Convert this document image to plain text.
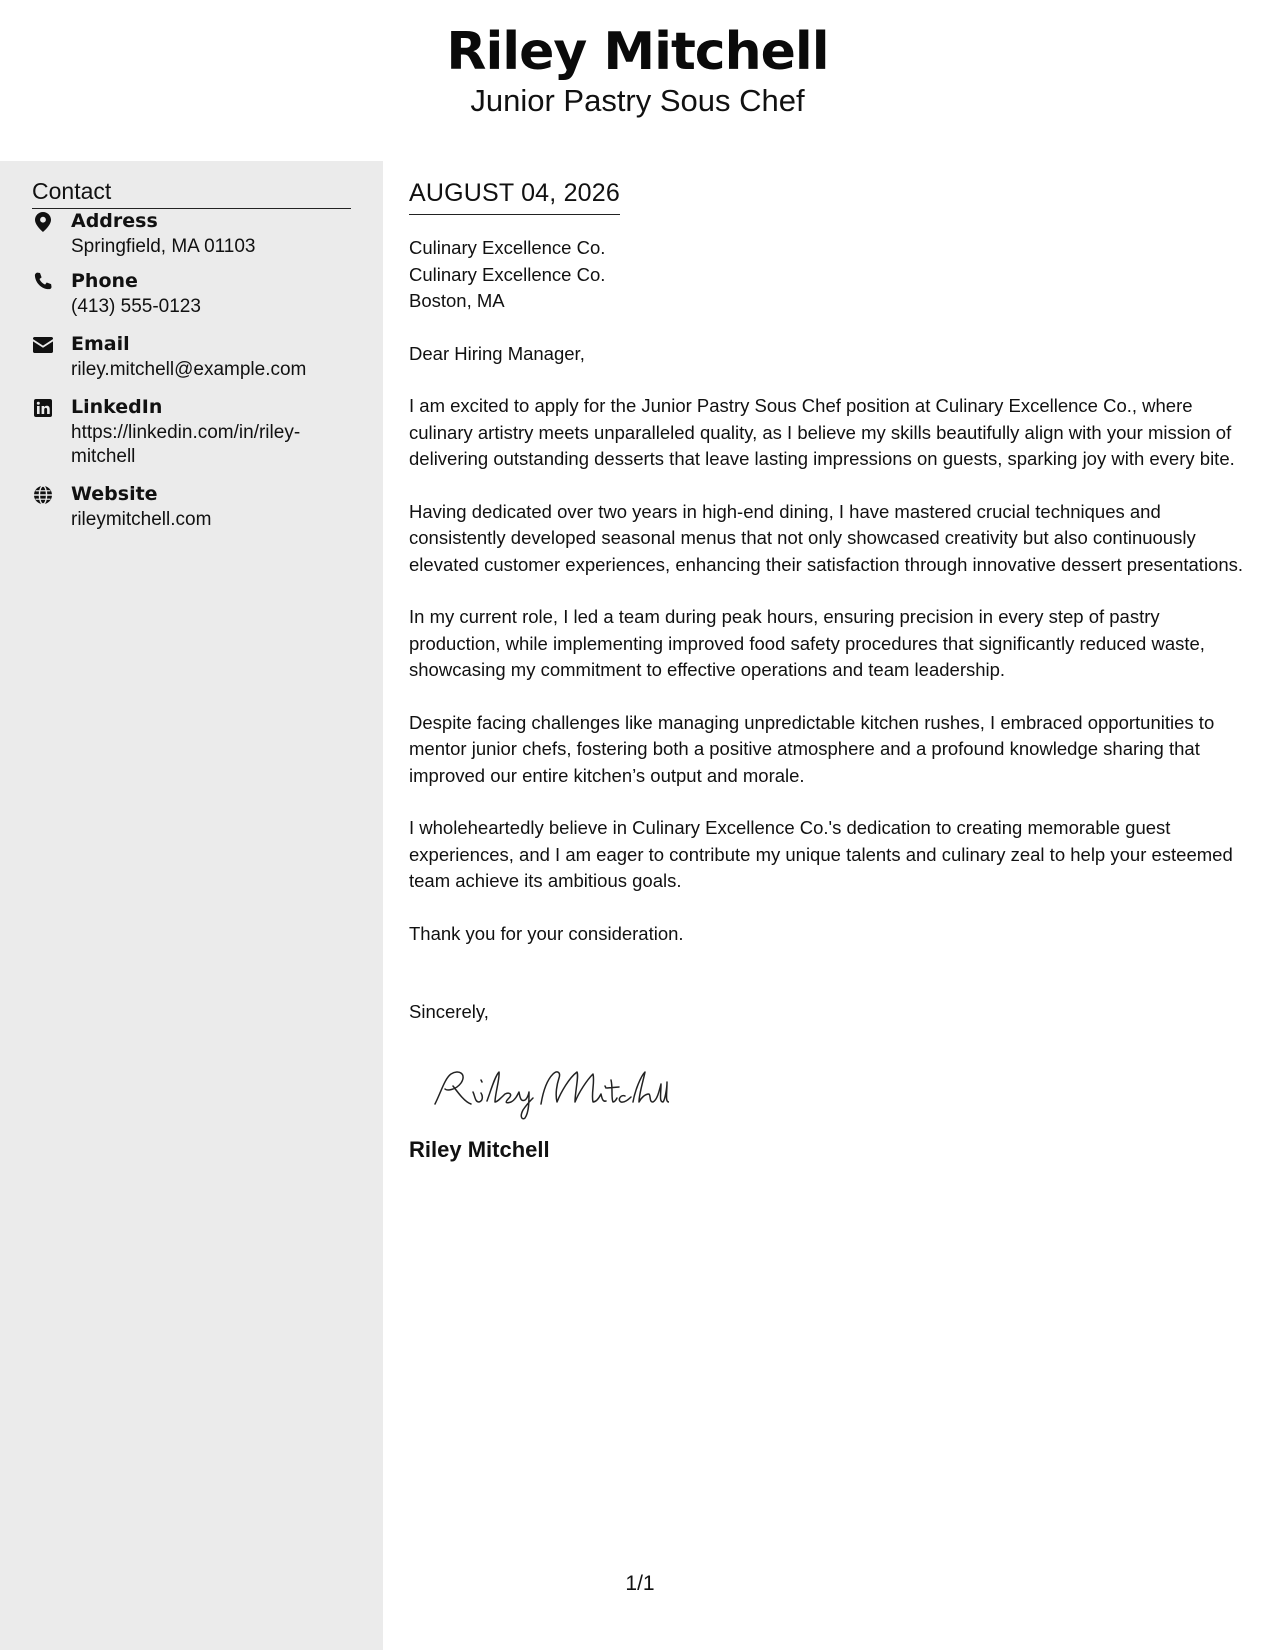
Riley Mitchell
Junior Pastry Sous Chef
Contact
Address
Springfield, MA 01103
Phone
(413) 555-0123
Email
riley.mitchell@example.com
LinkedIn
https://linkedin.com/in/riley-mitchell
Website
rileymitchell.com
AUGUST 04, 2026
Culinary Excellence Co.
Culinary Excellence Co.
Boston, MA

Dear Hiring Manager,

I am excited to apply for the Junior Pastry Sous Chef position at Culinary Excellence Co., where culinary artistry meets unparalleled quality, as I believe my skills beautifully align with your mission of delivering outstanding desserts that leave lasting impressions on guests, sparking joy with every bite.

Having dedicated over two years in high-end dining, I have mastered crucial techniques and consistently developed seasonal menus that not only showcased creativity but also continuously elevated customer experiences, enhancing their satisfaction through innovative dessert presentations.

In my current role, I led a team during peak hours, ensuring precision in every step of pastry production, while implementing improved food safety procedures that significantly reduced waste, showcasing my commitment to effective operations and team leadership.

Despite facing challenges like managing unpredictable kitchen rushes, I embraced opportunities to mentor junior chefs, fostering both a positive atmosphere and a profound knowledge sharing that improved our entire kitchen’s output and morale.

I wholeheartedly believe in Culinary Excellence Co.'s dedication to creating memorable guest experiences, and I am eager to contribute my unique talents and culinary zeal to help your esteemed team achieve its ambitious goals.

Thank you for your consideration.

Sincerely,
Riley Mitchell
1/1
